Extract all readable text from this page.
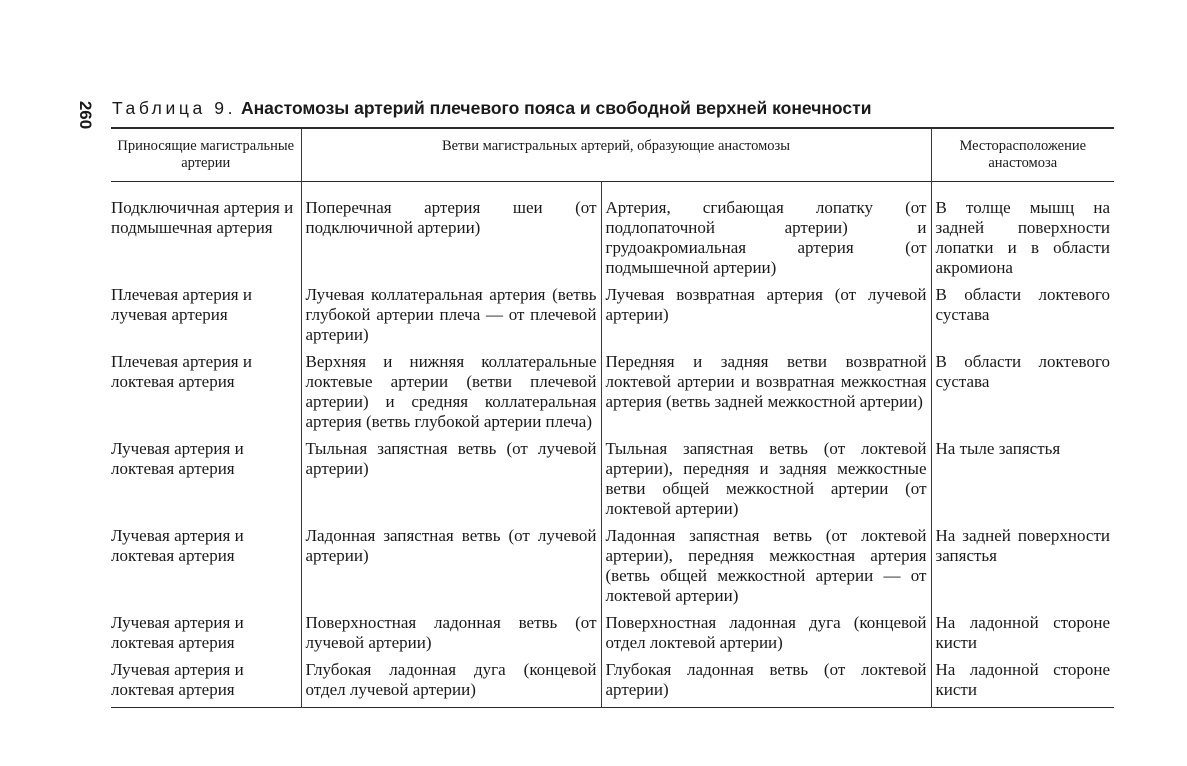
260 Таблица 9. Анастомозы артерий плечевого пояса и свободной верхней конечности
Приносящие магистральные артерии	Ветви магистральных артерий, образующие анастомозы		Месторасположение анастомоза
Подключичная артерия и подмышечная артерия	Поперечная артерия шеи (от подключичной артерии)	Артерия, сгибающая лопатку (от подлопаточной артерии) и грудоакромиальная артерия (от подмышечной артерии)	В толще мышц на задней поверхности лопатки и в области акромиона
Плечевая артерия и лучевая артерия	Лучевая коллатеральная артерия (ветвь глубокой артерии плеча — от плечевой артерии)	Лучевая возвратная артерия (от лучевой артерии)	В области локтевого сустава
Плечевая артерия и локтевая артерия	Верхняя и нижняя коллатеральные локтевые артерии (ветви плечевой артерии) и средняя коллатеральная артерия (ветвь глубокой артерии плеча)	Передняя и задняя ветви возвратной локтевой артерии и возвратная межкостная артерия (ветвь задней межкостной артерии)	В области локтевого сустава
Лучевая артерия и локтевая артерия	Тыльная запястная ветвь (от лучевой артерии)	Тыльная запястная ветвь (от локтевой артерии), передняя и задняя межкостные ветви общей межкостной артерии (от локтевой артерии)	На тыле запястья
Лучевая артерия и локтевая артерия	Ладонная запястная ветвь (от лучевой артерии)	Ладонная запястная ветвь (от локтевой артерии), передняя межкостная артерия (ветвь общей межкостной артерии — от локтевой артерии)	На задней поверхности запястья
Лучевая артерия и локтевая артерия	Поверхностная ладонная ветвь (от лучевой артерии)	Поверхностная ладонная дуга (концевой отдел локтевой артерии)	На ладонной стороне кисти
Лучевая артерия и локтевая артерия	Глубокая ладонная дуга (концевой отдел лучевой артерии)	Глубокая ладонная ветвь (от локтевой артерии)	На ладонной стороне кисти
